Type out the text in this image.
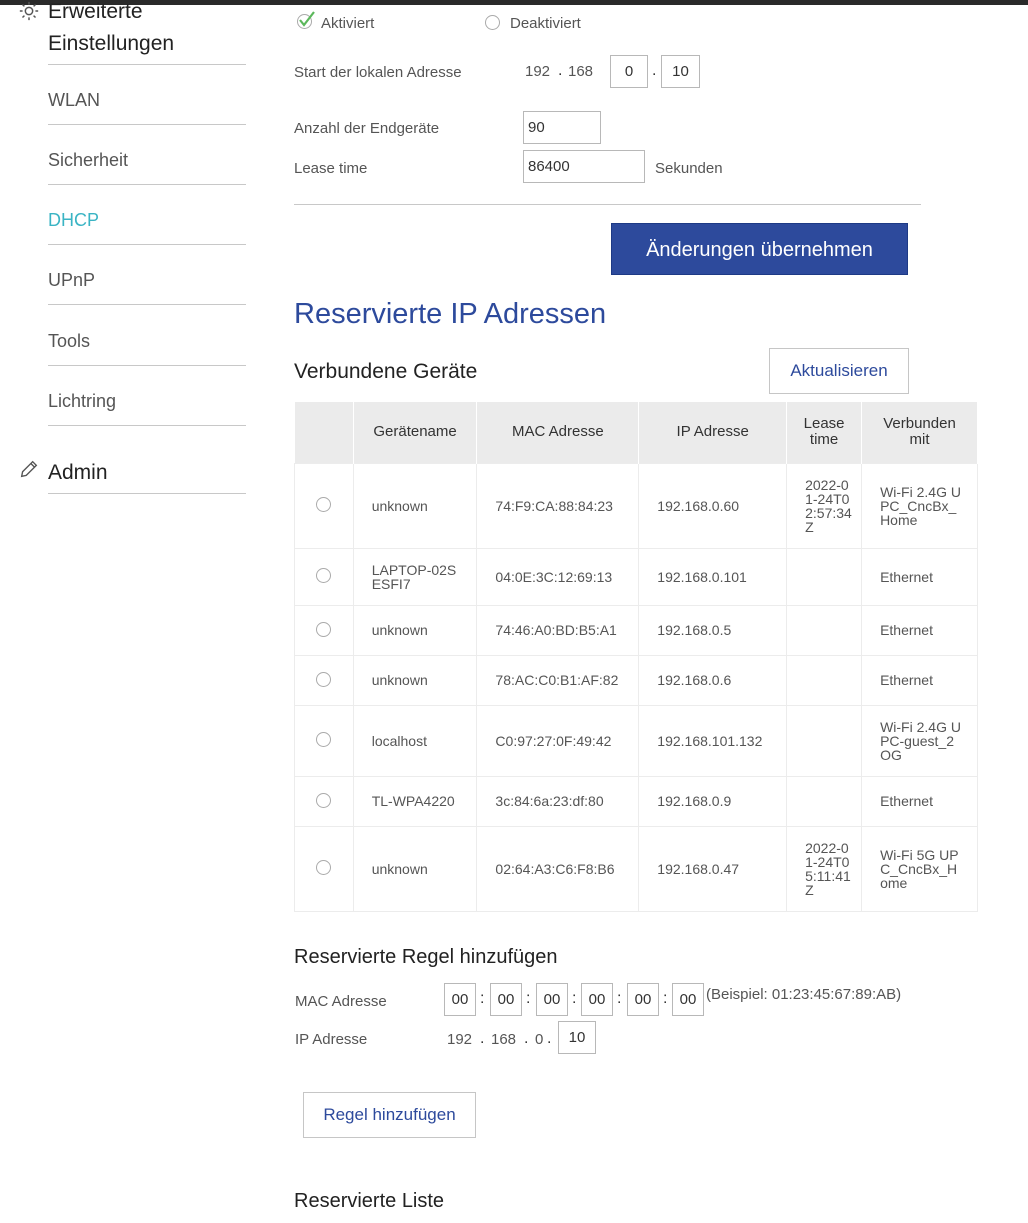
Erweiterte Einstellungen
WLAN
Sicherheit
DHCP
UPnP
Tools
Lichtring
Admin
Aktiviert	Deaktiviert
Start der lokalen Adresse	192 . 168	0	.	10
Anzahl der Endgeräte	90
Lease time	86400	Sekunden
Änderungen übernehmen
Reservierte IP Adressen
Verbundene Geräte	Aktualisieren
	Gerätename	MAC Adresse	IP Adresse	Lease time	Verbunden mit
	unknown	74:F9:CA:88:84:23	192.168.0.60	2022-01-24T02:57:34Z	Wi-Fi 2.4G UPC_CncBx_Home
	LAPTOP-02SESFI7	04:0E:3C:12:69:13	192.168.0.101		Ethernet
	unknown	74:46:A0:BD:B5:A1	192.168.0.5		Ethernet
	unknown	78:AC:C0:B1:AF:82	192.168.0.6		Ethernet
	localhost	C0:97:27:0F:49:42	192.168.101.132		Wi-Fi 2.4G UPC-guest_2OG
	TL-WPA4220	3c:84:6a:23:df:80	192.168.0.9		Ethernet
	unknown	02:64:A3:C6:F8:B6	192.168.0.47	2022-01-24T05:11:41Z	Wi-Fi 5G UPC_CncBx_Home
Reservierte Regel hinzufügen
MAC Adresse	00 : 00 : 00 : 00 : 00 : 00 (Beispiel: 01:23:45:67:89:AB)
IP Adresse	192 . 168 . 0 .	10
Regel hinzufügen
Reservierte Liste
